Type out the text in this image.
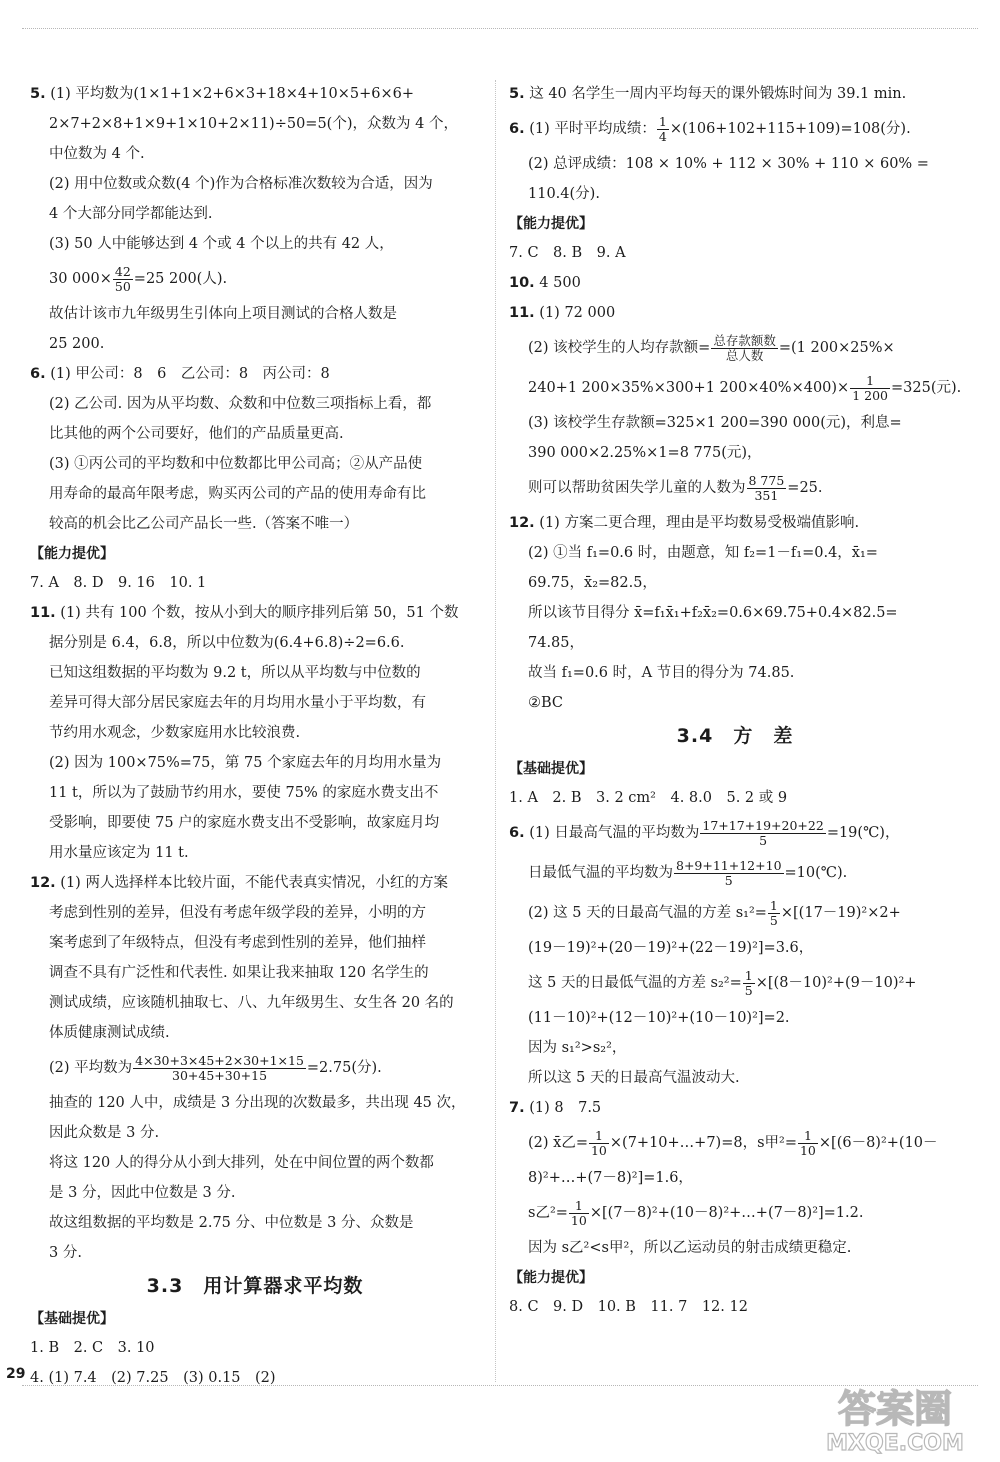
5. (1) 平均数为(1×1+1×2+6×3+18×4+10×5+6×6+
2×7+2×8+1×9+1×10+2×11)÷50=5(个)，众数为 4 个，
中位数为 4 个.
(2) 用中位数或众数(4 个)作为合格标准次数较为合适，因为
4 个大部分同学都能达到.
(3) 50 人中能够达到 4 个或 4 个以上的共有 42 人，
30 $000\times \frac{42}{50} =25$ 200(人).
故估计该市九年级男生引体向上项目测试的合格人数是
25 200.
6. (1) 甲公司：8　6　乙公司：8　丙公司：8
(2) 乙公司. 因为从平均数、众数和中位数三项指标上看，都
比其他的两个公司要好，他们的产品质量更高.
(3) ①丙公司的平均数和中位数都比甲公司高；②从产品使
用寿命的最高年限考虑，购买丙公司的产品的使用寿命有比
较高的机会比乙公司产品长一些.（答案不唯一）
【能力提优】
7. A　8. D　9. 16　10. 1
11. (1) 共有 100 个数，按从小到大的顺序排列后第 50，51 个数
据分别是 6.4，6.8，所以中位数为(6.4+6.8)÷2=6.6.
已知这组数据的平均数为 9.2 t，所以从平均数与中位数的
差异可得大部分居民家庭去年的月均用水量小于平均数，有
节约用水观念，少数家庭用水比较浪费.
(2) 因为 100×75%=75，第 75 个家庭去年的月均用水量为
11 t，所以为了鼓励节约用水，要使 75% 的家庭水费支出不
受影响，即要使 75 户的家庭水费支出不受影响，故家庭月均
用水量应该定为 11 t.
12. (1) 两人选择样本比较片面，不能代表真实情况，小红的方案
考虑到性别的差异，但没有考虑年级学段的差异，小明的方
案考虑到了年级特点，但没有考虑到性别的差异，他们抽样
调查不具有广泛性和代表性. 如果让我来抽取 120 名学生的
测试成绩，应该随机抽取七、八、九年级男生、女生各 20 名的
体质健康测试成绩.
(2) 平均数为 $\frac{4\times 30+3\times 45+2\times 30+1\times 15}{30+45+30+15} =2.75$(分).
抽查的 120 人中，成绩是 3 分出现的次数最多，共出现 45 次，
因此众数是 3 分.
将这 120 人的得分从小到大排列，处在中间位置的两个数都
是 3 分，因此中位数是 3 分.
故这组数据的平均数是 2.75 分、中位数是 3 分、众数是
3 分.
3.3　用计算器求平均数
【基础提优】
1. B　2. C　3. 10
4. (1) 7.4　(2) 7.25　(3) 0.15　(2)
5. 这 40 名学生一周内平均每天的课外锻炼时间为 39.1 min.
6. (1) 平时平均成绩： $\frac{1}{4} \times(106+102+115+109)=108$(分).
(2) 总评成绩：108 × 10% + 112 × 30% + 110 × 60% =
110.4(分).
【能力提优】
7. C　8. B　9. A
10. 4 500
11. (1) 72 000
(2) 该校学生的人均存款额= $\frac{\text{总存款额数}}{\text{总人数}} =(1$ 200×25%×
240+1 200×35%×300+1 $200\times 40\%\times 400)\times \frac{1}{1 200} =325$(元).
(3) 该校学生存款额=325×1 200=390 000(元)，利息=
390 000×2.25%×1=8 775(元)，
则可以帮助贫困失学儿童的人数为 $\frac{8 775}{351} =25$.
12. (1) 方案二更合理，理由是平均数易受极端值影响.
(2) ①当 f₁=0.6 时，由题意，知 f₂=1－f₁=0.4，x̄₁=
69.75，x̄₂=82.5，
所以该节目得分 x̄=f₁x̄₁+f₂x̄₂=0.6×69.75+0.4×82.5=
74.85，
故当 f₁=0.6 时，A 节目的得分为 74.85.
②BC
3.4　方　差
【基础提优】
1. A　2. B　3. 2 cm²　4. 8.0　5. 2 或 9
6. (1) 日最高气温的平均数为 $\frac{17+17+19+20+22}{5}$ =19(℃)，
日最低气温的平均数为 $\frac{8+9+11+12+10}{5}$ =10(℃).
(2) 这 5 天的日最高气温的方差 $s_1^2= \frac{1}{5} \times[(17-19)^2\times 2+$
(19－19)²+(20－19)²+(22－19)²]=3.6，
这 5 天的日最低气温的方差 $s_2^2= \frac{1}{5} \times[(8-10)^2+(9-10)^2+$
(11－10)²+(12－10)²+(10－10)²]=2.
因为 s₁²>s₂²，
所以这 5 天的日最高气温波动大.
7. (1) 8　7.5
(2) x̄乙= $\frac{1}{10}$ ×(7+10+…+7)=8，s甲$^2= \frac{1}{10} \times[(6-8)^2+(10-$
8)²+…+(7－8)²]=1.6，
s乙$^2= \frac{1}{10}$ ×[(7－8)²+(10－8)²+…+(7－8)²]=1.2.
因为 s乙²<s甲²，所以乙运动员的射击成绩更稳定.
【能力提优】
8. C　9. D　10. B　11. 7　12. 12
29
答案圈
MXQE.COM
